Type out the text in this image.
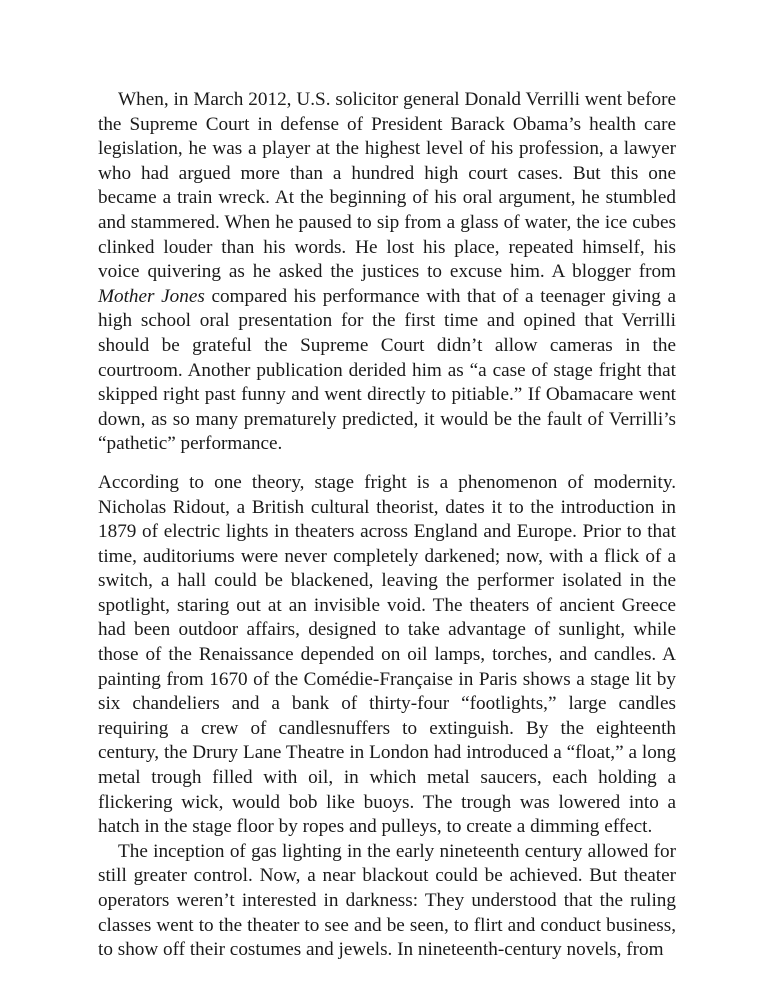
When, in March 2012, U.S. solicitor general Donald Verrilli went before the Supreme Court in defense of President Barack Obama’s health care legislation, he was a player at the highest level of his profession, a lawyer who had argued more than a hundred high court cases. But this one became a train wreck. At the beginning of his oral argument, he stumbled and stammered. When he paused to sip from a glass of water, the ice cubes clinked louder than his words. He lost his place, repeated himself, his voice quivering as he asked the justices to excuse him. A blogger from Mother Jones compared his performance with that of a teenager giving a high school oral presentation for the first time and opined that Verrilli should be grateful the Supreme Court didn’t allow cameras in the courtroom. Another publication derided him as “a case of stage fright that skipped right past funny and went directly to pitiable.” If Obamacare went down, as so many prematurely predicted, it would be the fault of Verrilli’s “pathetic” performance.

According to one theory, stage fright is a phenomenon of modernity. Nicholas Ridout, a British cultural theorist, dates it to the introduction in 1879 of electric lights in theaters across England and Europe. Prior to that time, auditoriums were never completely darkened; now, with a flick of a switch, a hall could be blackened, leaving the performer isolated in the spotlight, staring out at an invisible void. The theaters of ancient Greece had been outdoor affairs, designed to take advantage of sunlight, while those of the Renaissance depended on oil lamps, torches, and candles. A painting from 1670 of the Comédie-Française in Paris shows a stage lit by six chandeliers and a bank of thirty-four “footlights,” large candles requiring a crew of candlesnuffers to extinguish. By the eighteenth century, the Drury Lane Theatre in London had introduced a “float,” a long metal trough filled with oil, in which metal saucers, each holding a flickering wick, would bob like buoys. The trough was lowered into a hatch in the stage floor by ropes and pulleys, to create a dimming effect.

The inception of gas lighting in the early nineteenth century allowed for still greater control. Now, a near blackout could be achieved. But theater operators weren’t interested in darkness: They understood that the ruling classes went to the theater to see and be seen, to flirt and conduct business, to show off their costumes and jewels. In nineteenth-century novels, from
